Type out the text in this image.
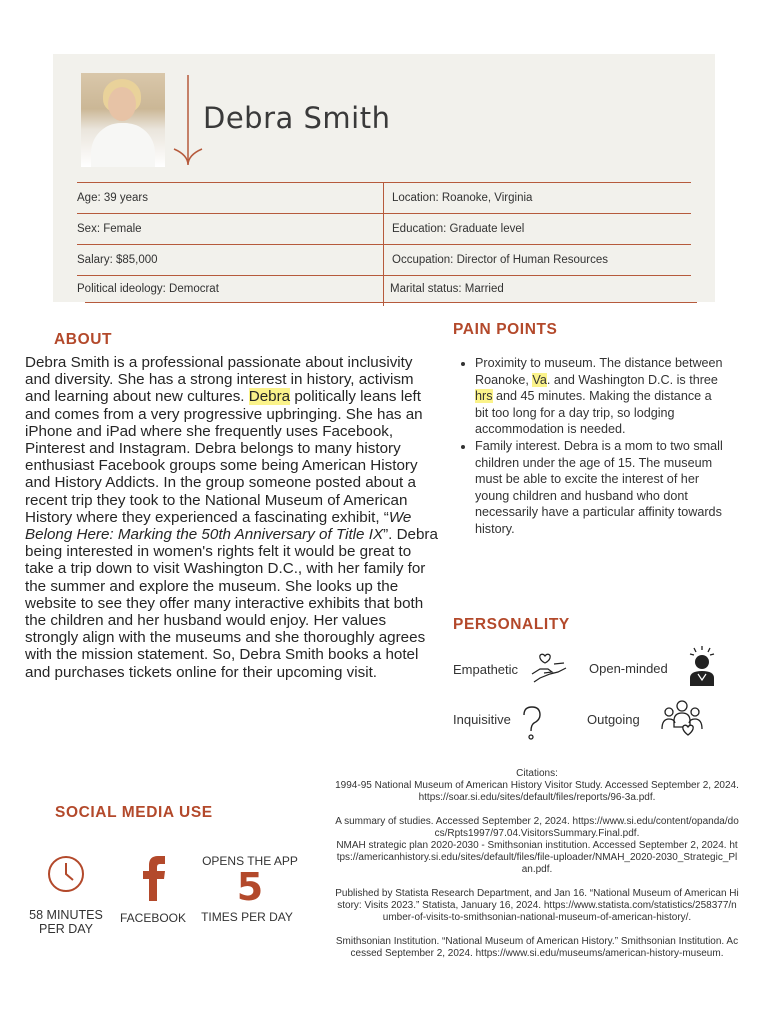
Debra Smith
Age: 39 years	Location: Roanoke, Virginia
Sex: Female	Education: Graduate level
Salary: $85,000	Occupation: Director of Human Resources
Political ideology: Democrat	Marital status: Married
ABOUT
Debra Smith is a professional passionate about inclusivity and diversity. She has a strong interest in history, activism and learning about new cultures. Debra politically leans left and comes from a very progressive upbringing. She has an iPhone and iPad where she frequently uses Facebook, Pinterest and Instagram. Debra belongs to many history enthusiast Facebook groups some being American History and History Addicts. In the group someone posted about a recent trip they took to the National Museum of American History where they experienced a fascinating exhibit, “We Belong Here: Marking the 50th Anniversary of Title IX”. Debra being interested in women's rights felt it would be great to take a trip down to visit Washington D.C., with her family for the summer and explore the museum. She looks up the website to see they offer many interactive exhibits that both the children and her husband would enjoy. Her values strongly align with the museums and she thoroughly agrees with the mission statement. So, Debra Smith books a hotel and purchases tickets online for their upcoming visit.
PAIN POINTS
• Proximity to museum. The distance between Roanoke, Va. and Washington D.C. is three hrs and 45 minutes. Making the distance a bit too long for a day trip, so lodging accommodation is needed.
• Family interest. Debra is a mom to two small children under the age of 15. The museum must be able to excite the interest of her young children and husband who dont necessarily have a particular affinity towards history.
PERSONALITY
Empathetic	Open-minded
Inquisitive	Outgoing
SOCIAL MEDIA USE
58 MINUTES PER DAY
FACEBOOK
OPENS THE APP
5
TIMES PER DAY

Citations:

1994-95 National Museum of American History Visitor Study. Accessed September 2, 2024. https://soar.si.edu/sites/default/files/reports/96-3a.pdf.

A summary of studies. Accessed September 2, 2024. https://www.si.edu/content/opanda/docs/Rpts1997/97.04.VisitorsSummary.Final.pdf.

NMAH strategic plan 2020-2030 - Smithsonian institution. Accessed September 2, 2024. https://americanhistory.si.edu/sites/default/files/file-uploader/NMAH_2020-2030_Strategic_Plan.pdf.

Published by Statista Research Department, and Jan 16. “National Museum of American History: Visits 2023.” Statista, January 16, 2024. https://www.statista.com/statistics/258377/number-of-visits-to-smithsonian-national-museum-of-american-history/.

Smithsonian Institution. “National Museum of American History.” Smithsonian Institution. Accessed September 2, 2024. https://www.si.edu/museums/american-history-museum.
